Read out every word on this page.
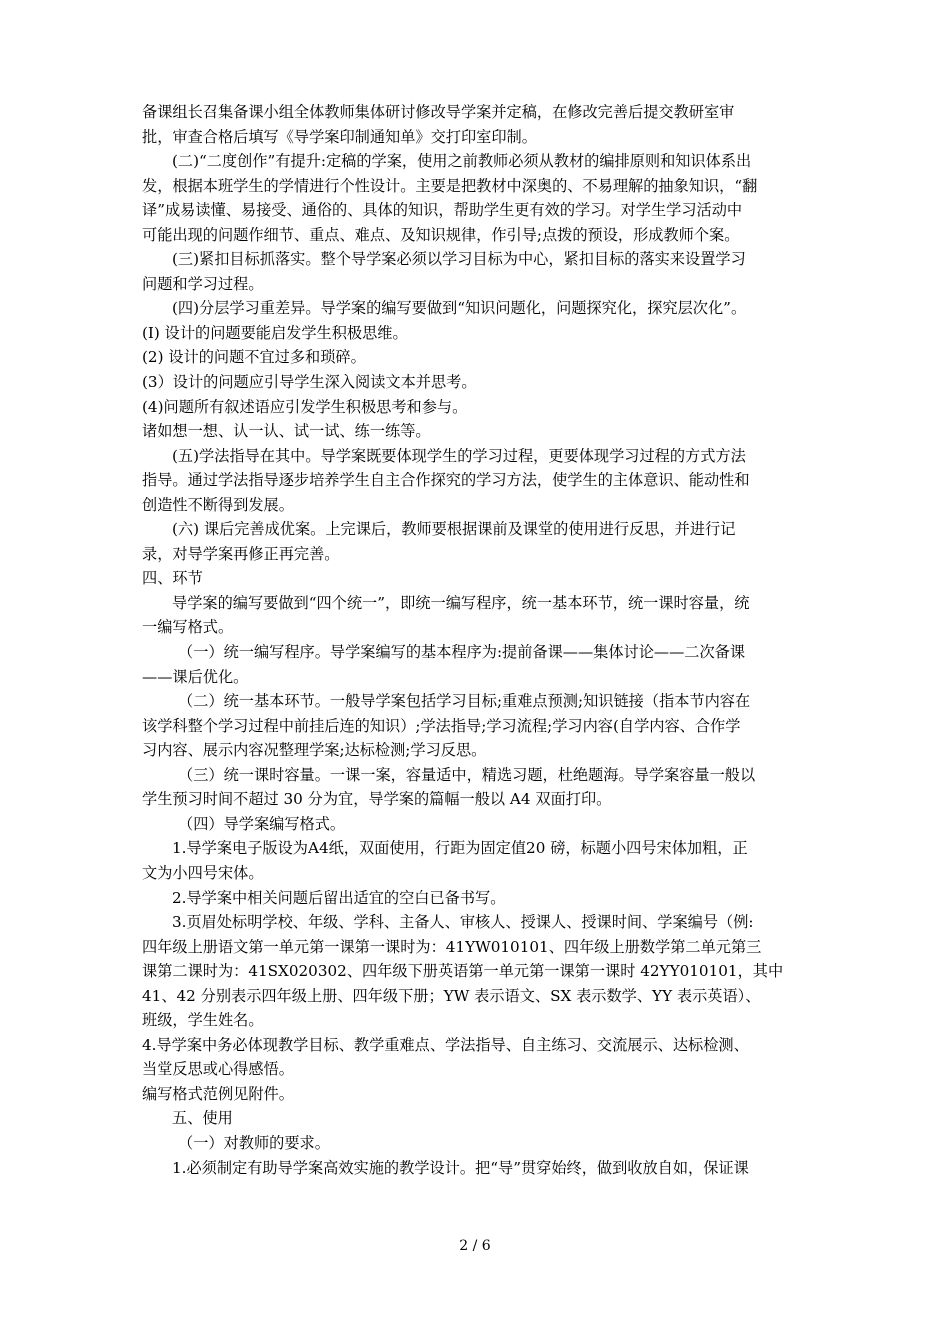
备课组长召集备课小组全体教师集体研讨修改导学案并定稿，在修改完善后提交教研室审
批，审查合格后填写《导学案印制通知单》交打印室印制。
(二)“二度创作”有提升:定稿的学案，使用之前教师必须从教材的编排原则和知识体系出
发，根据本班学生的学情进行个性设计。主要是把教材中深奥的、不易理解的抽象知识，“翻
译”成易读懂、易接受、通俗的、具体的知识，帮助学生更有效的学习。对学生学习活动中
可能出现的问题作细节、重点、难点、及知识规律，作引导;点拨的预设，形成教师个案。
(三)紧扣目标抓落实。整个导学案必须以学习目标为中心，紧扣目标的落实来设置学习
问题和学习过程。
(四)分层学习重差异。导学案的编写要做到“知识问题化，问题探究化，探究层次化”。
(I) 设计的问题要能启发学生积极思维。
(2) 设计的问题不宜过多和琐碎。
(3）设计的问题应引导学生深入阅读文本并思考。
(4)问题所有叙述语应引发学生积极思考和参与。
诸如想一想、认一认、试一试、练一练等。
(五)学法指导在其中。导学案既要体现学生的学习过程，更要体现学习过程的方式方法
指导。通过学法指导逐步培养学生自主合作探究的学习方法，使学生的主体意识、能动性和
创造性不断得到发展。
(六) 课后完善成优案。上完课后，教师要根据课前及课堂的使用进行反思，并进行记
录，对导学案再修正再完善。
四、环节
导学案的编写要做到“四个统一”，即统一编写程序，统一基本环节，统一课时容量，统
一编写格式。
（一）统一编写程序。导学案编写的基本程序为:提前备课——集体讨论——二次备课
——课后优化。
（二）统一基本环节。一般导学案包括学习目标;重难点预测;知识链接（指本节内容在
该学科整个学习过程中前挂后连的知识）;学法指导;学习流程;学习内容(自学内容、合作学
习内容、展示内容况整理学案;达标检测;学习反思。
（三）统一课时容量。一课一案，容量适中，精选习题，杜绝题海。导学案容量一般以
学生预习时间不超过 30 分为宜，导学案的篇幅一般以 A4 双面打印。
（四）导学案编写格式。
1.导学案电子版设为A4纸，双面使用，行距为固定值20 磅，标题小四号宋体加粗，正
文为小四号宋体。
2.导学案中相关问题后留出适宜的空白已备书写。
3.页眉处标明学校、年级、学科、主备人、审核人、授课人、授课时间、学案编号（例:
四年级上册语文第一单元第一课第一课时为：41YW010101、四年级上册数学第二单元第三
课第二课时为：41SX020302、四年级下册英语第一单元第一课第一课时 42YY010101，其中
41、42 分别表示四年级上册、四年级下册；YW 表示语文、SX 表示数学、YY 表示英语）、
班级，学生姓名。
4.导学案中务必体现教学目标、教学重难点、学法指导、自主练习、交流展示、达标检测、
当堂反思或心得感悟。
编写格式范例见附件。
五、使用
（一）对教师的要求。
1.必须制定有助导学案高效实施的教学设计。把“导”贯穿始终，做到收放自如，保证课
2 / 6
